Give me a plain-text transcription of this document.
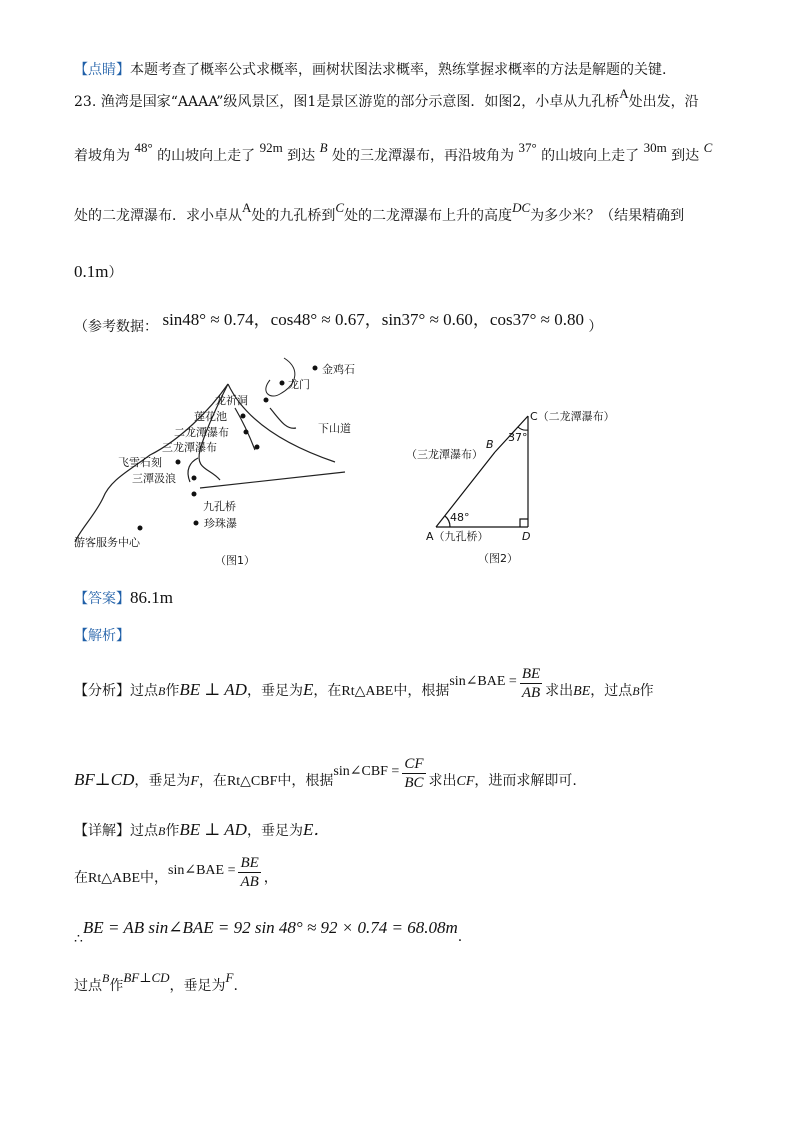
【点睛】本题考查了概率公式求概率，画树状图法求概率，熟练掌握求概率的方法是解题的关键.
23. 渔湾是国家“AAAA”级风景区，图1是景区游览的部分示意图．如图2，小卓从九孔桥A处出发，沿
着坡角为 48° 的山坡向上走了 92m 到达 B 处的三龙潭瀑布，再沿坡角为 37° 的山坡向上走了 30m 到达 C
处的二龙潭瀑布．求小卓从A处的九孔桥到C处的二龙潭瀑布上升的高度DC为多少米？（结果精确到
0.1m）
（参考数据： sin48° ≈ 0.74，cos48° ≈ 0.67，sin37° ≈ 0.60，cos37° ≈ 0.80 ）
金鸡石
龙门
龙祈洞
莲花池
二龙潭瀑布
三龙潭瀑布
飞雪石刻
三潭汲浪
九孔桥
珍珠瀑
游客服务中心
下山道
（图1）
C（二龙潭瀑布）
B
（三龙潭瀑布）
A（九孔桥）	D
48°
37°
（图2）
【答案】86.1m
【解析】
【分析】过点B作BE ⊥ AD，垂足为E，在Rt△ABE中，根据sin∠BAE = $\frac{BE}{AB}$ 求出BE，过点B作
BF⊥CD，垂足为F，在Rt△CBF中，根据sin∠CBF = $\frac{CF}{BC}$ 求出CF，进而求解即可.
【详解】过点B作BE ⊥ AD，垂足为E．
在Rt△ABE中，sin∠BAE = $\frac{BE}{AB}$ ，
∴BE = AB sin∠BAE = 92 sin 48° ≈ 92 × 0.74 = 68.08m.
过点B作BF⊥CD，垂足为F.
